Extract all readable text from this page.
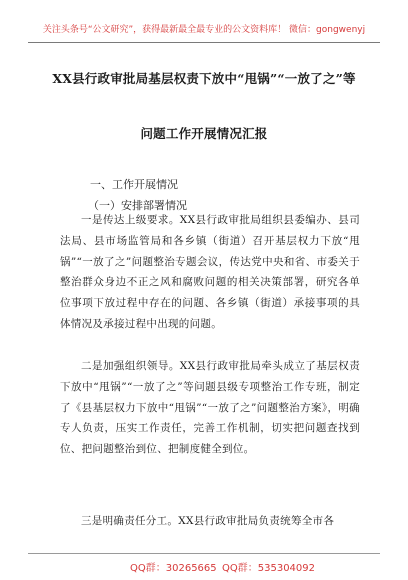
关注头条号“公文研究”，获得最新最全最专业的公文资料库！ 微信：gongwenyj
XX县行政审批局基层权责下放中“甩锅”“一放了之”等
问题工作开展情况汇报
一、工作开展情况
（一）安排部署情况
一是传达上级要求。XX县行政审批局组织县委编办、县司法局、县市场监管局和各乡镇（街道）召开基层权力下放“甩锅”“一放了之”问题整治专题会议，传达党中央和省、市委关于整治群众身边不正之风和腐败问题的相关决策部署，研究各单位事项下放过程中存在的问题、各乡镇（街道）承接事项的具体情况及承接过程中出现的问题。
二是加强组织领导。XX县行政审批局牵头成立了基层权责下放中“甩锅”“一放了之”等问题县级专项整治工作专班，制定了《县基层权力下放中“甩锅”“一放了之”问题整治方案》，明确专人负责，压实工作责任，完善工作机制，切实把问题查找到位、把问题整治到位、把制度健全到位。
三是明确责任分工。XX县行政审批局负责统筹全市各
QQ群：30265665 QQ群：535304092
